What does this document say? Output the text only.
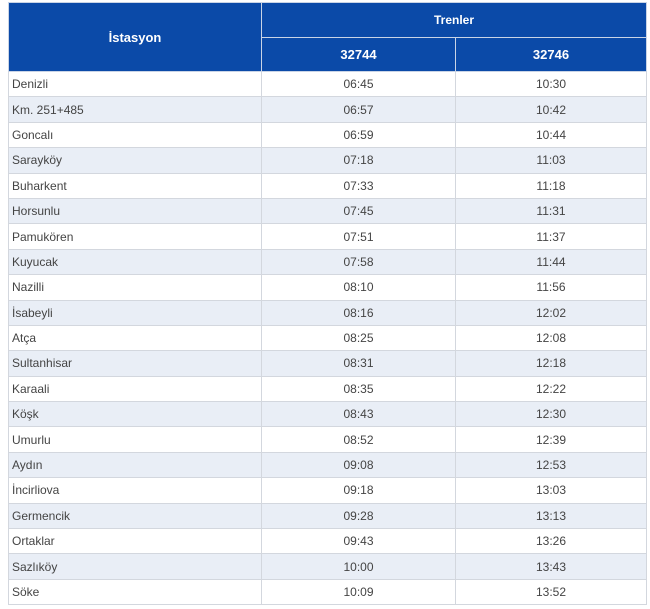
İstasyon	Trenler	
	32744	32746
Denizli	06:45	10:30
Km. 251+485	06:57	10:42
Goncalı	06:59	10:44
Sarayköy	07:18	11:03
Buharkent	07:33	11:18
Horsunlu	07:45	11:31
Pamukören	07:51	11:37
Kuyucak	07:58	11:44
Nazilli	08:10	11:56
İsabeyli	08:16	12:02
Atça	08:25	12:08
Sultanhisar	08:31	12:18
Karaali	08:35	12:22
Köşk	08:43	12:30
Umurlu	08:52	12:39
Aydın	09:08	12:53
İncirliova	09:18	13:03
Germencik	09:28	13:13
Ortaklar	09:43	13:26
Sazlıköy	10:00	13:43
Söke	10:09	13:52
